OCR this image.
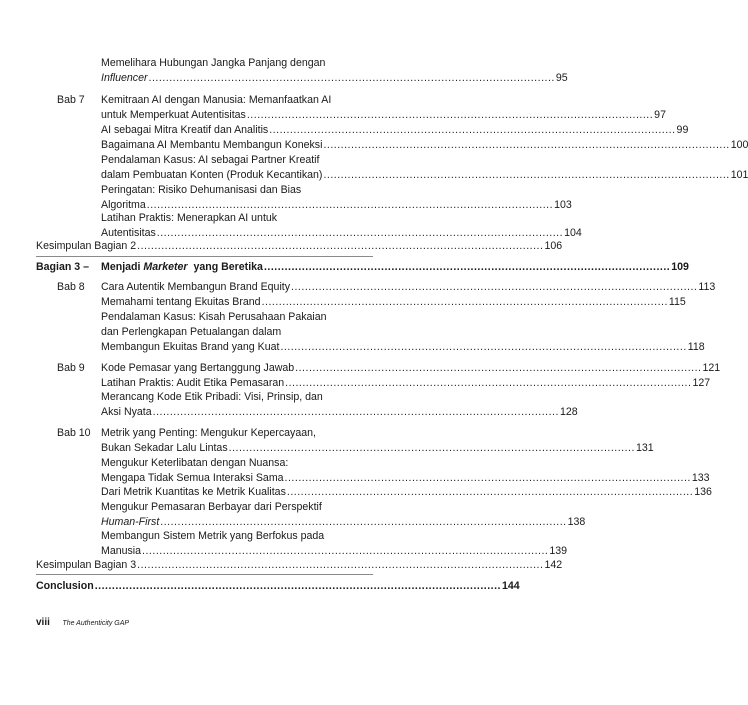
Memelihara Hubungan Jangka Panjang dengan
Influencer ...................................................................................................................... 95
Bab 7 Kemitraan AI dengan Manusia: Memanfaatkan AI
untuk Memperkuat Autentisitas ...................................................................................................................... 97
AI sebagai Mitra Kreatif dan Analitis ...................................................................................................................... 99
Bagaimana AI Membantu Membangun Koneksi ...................................................................................................................... 100
Pendalaman Kasus: AI sebagai Partner Kreatif
dalam Pembuatan Konten (Produk Kecantikan) ...................................................................................................................... 101
Peringatan: Risiko Dehumanisasi dan Bias
Algoritma ...................................................................................................................... 103
Latihan Praktis: Menerapkan AI untuk
Autentisitas ...................................................................................................................... 104
Kesimpulan Bagian 2 ...................................................................................................................... 106
Bagian 3 – Menjadi Marketer yang Beretika ...................................................................................................................... 109
Bab 8 Cara Autentik Membangun Brand Equity ...................................................................................................................... 113
Memahami tentang Ekuitas Brand ...................................................................................................................... 115
Pendalaman Kasus: Kisah Perusahaan Pakaian
dan Perlengkapan Petualangan dalam
Membangun Ekuitas Brand yang Kuat ...................................................................................................................... 118
Bab 9 Kode Pemasar yang Bertanggung Jawab ...................................................................................................................... 121
Latihan Praktis: Audit Etika Pemasaran ...................................................................................................................... 127
Merancang Kode Etik Pribadi: Visi, Prinsip, dan
Aksi Nyata ...................................................................................................................... 128
Bab 10 Metrik yang Penting: Mengukur Kepercayaan,
Bukan Sekadar Lalu Lintas ...................................................................................................................... 131
Mengukur Keterlibatan dengan Nuansa:
Mengapa Tidak Semua Interaksi Sama ...................................................................................................................... 133
Dari Metrik Kuantitas ke Metrik Kualitas ...................................................................................................................... 136
Mengukur Pemasaran Berbayar dari Perspektif
Human-First ...................................................................................................................... 138
Membangun Sistem Metrik yang Berfokus pada
Manusia ...................................................................................................................... 139
Kesimpulan Bagian 3 ...................................................................................................................... 142
Conclusion ...................................................................................................................... 144
viii The Authenticity GAP
